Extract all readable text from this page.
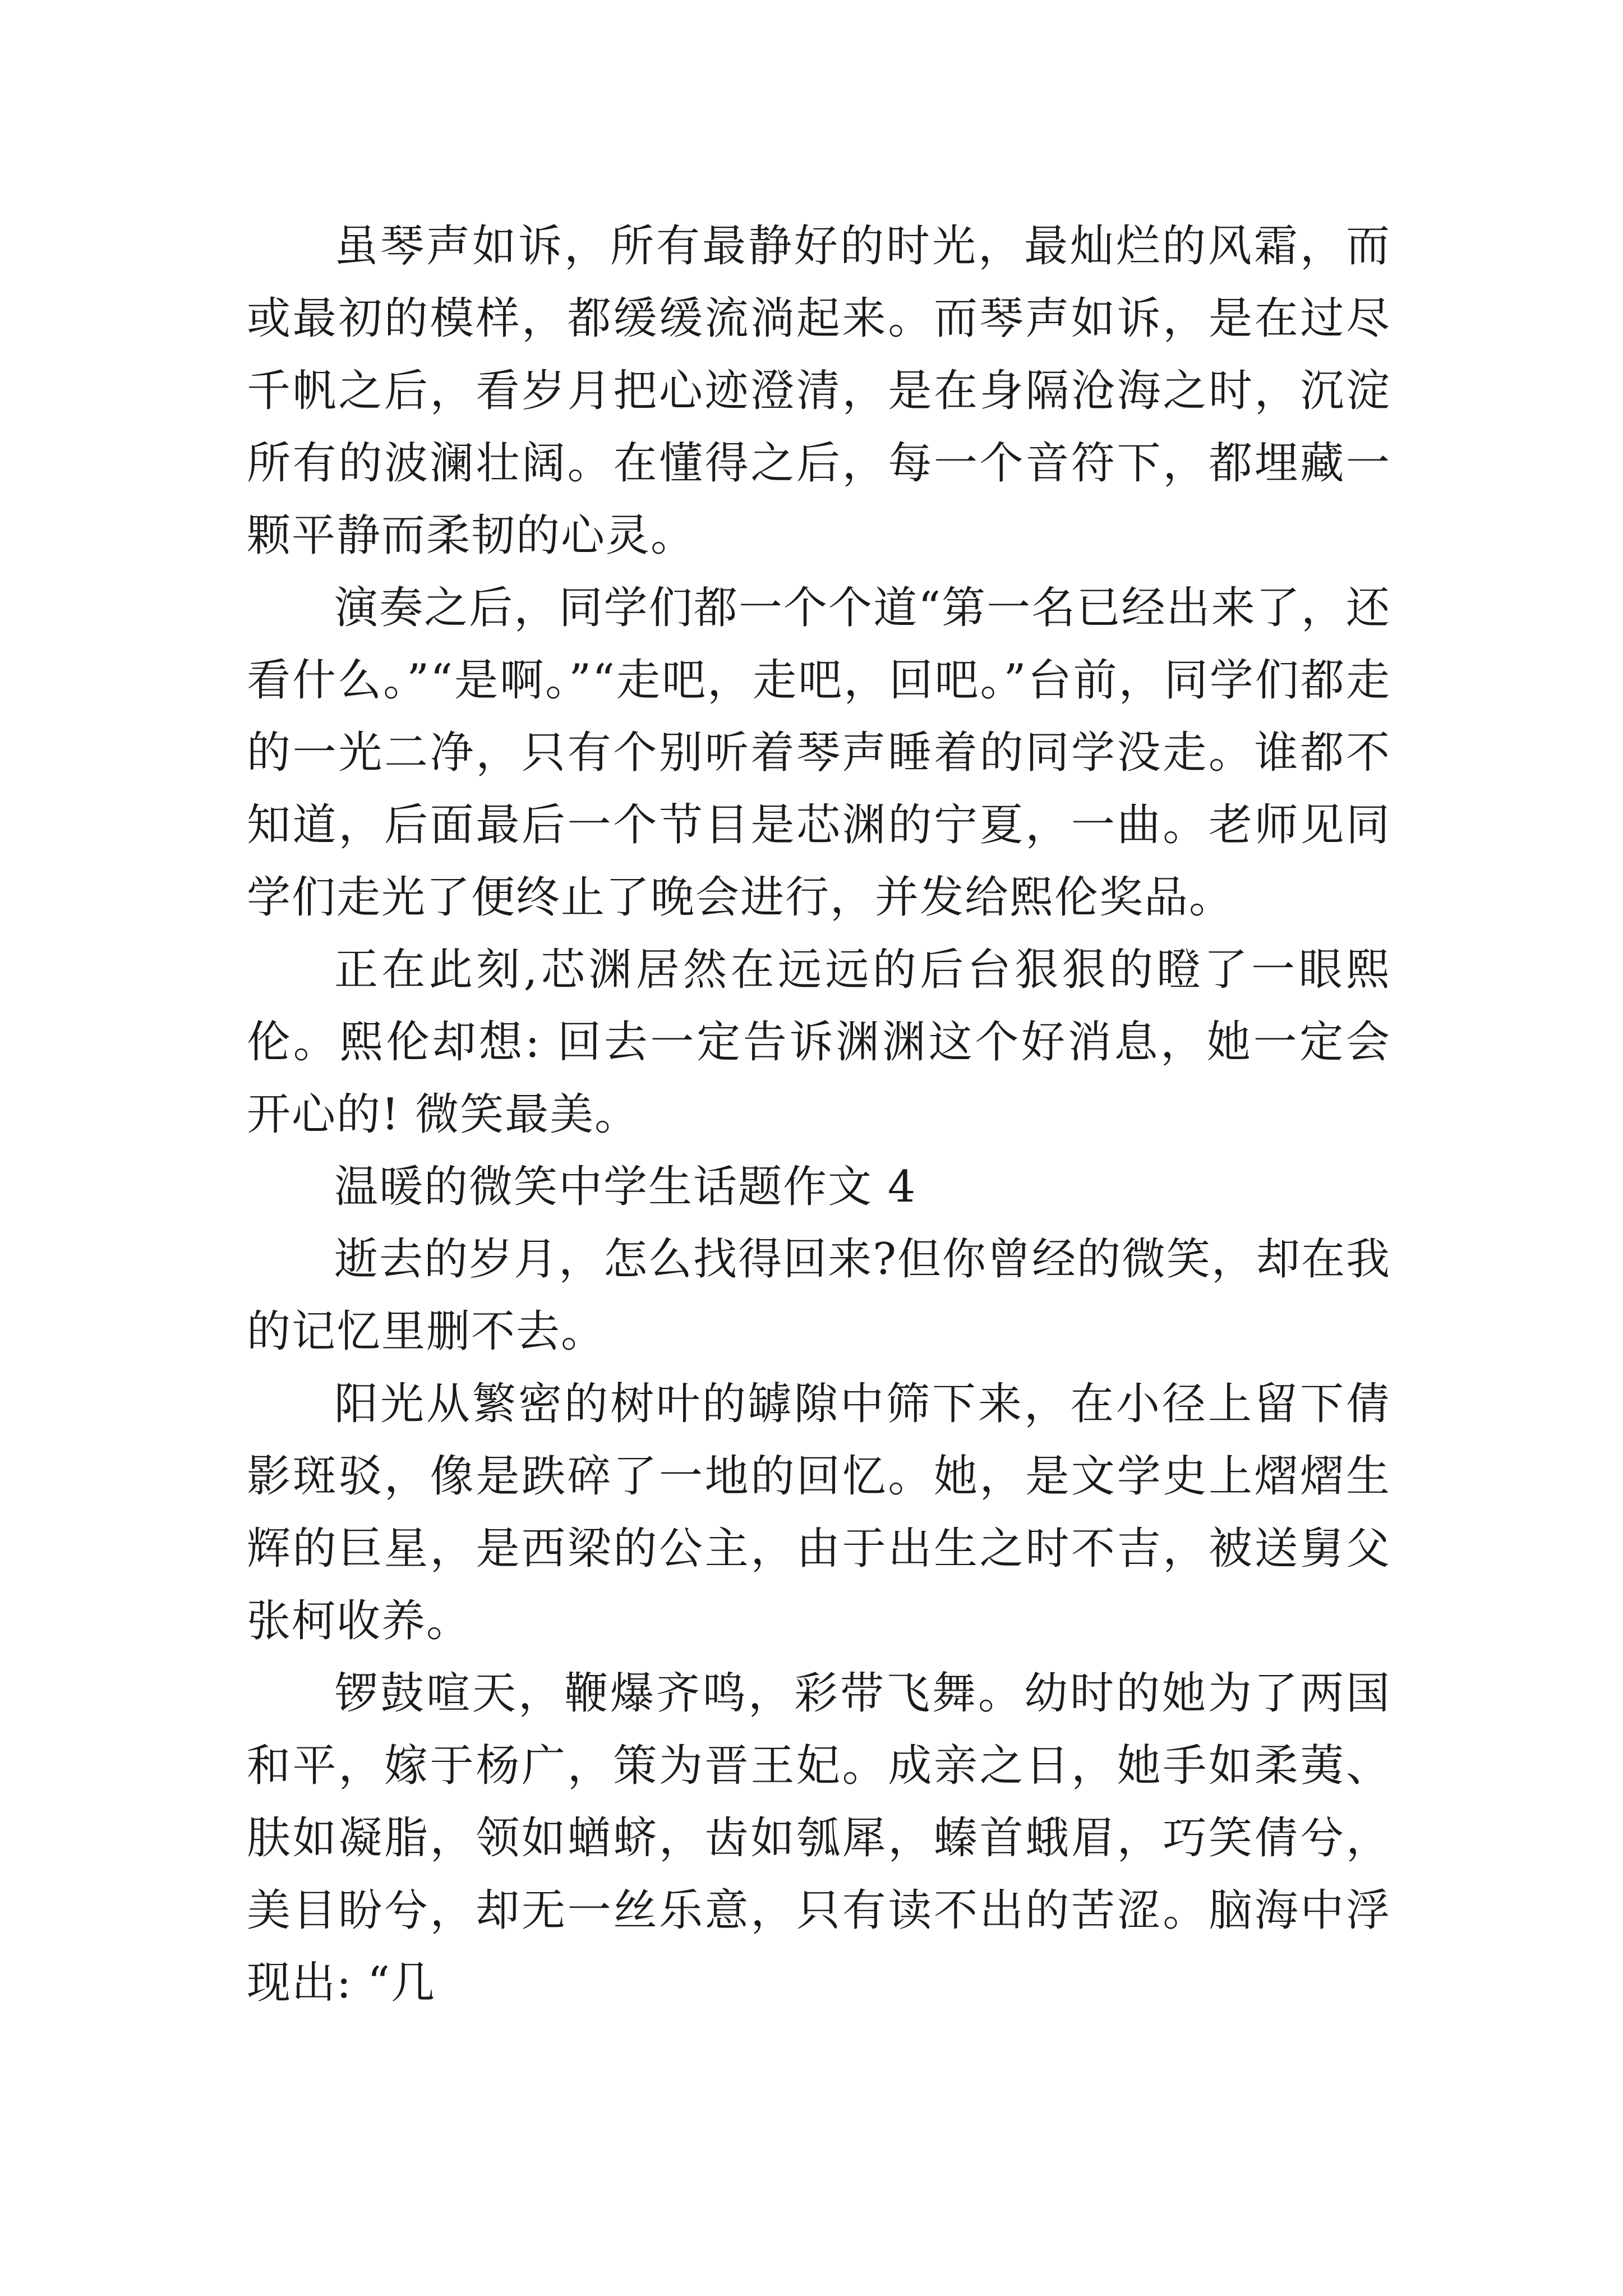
虽琴声如诉，所有最静好的时光，最灿烂的风霜，而或最初的模样，都缓缓流淌起来。而琴声如诉，是在过尽千帆之后，看岁月把心迹澄清，是在身隔沧海之时，沉淀所有的波澜壮阔。在懂得之后，每一个音符下，都埋藏一颗平静而柔韧的心灵。

演奏之后，同学们都一个个道“第一名已经出来了，还看什么。”“是啊。”“走吧，走吧，回吧。”台前，同学们都走的一光二净，只有个别听着琴声睡着的同学没走。谁都不知道，后面最后一个节目是芯渊的宁夏，一曲。老师见同学们走光了便终止了晚会进行，并发给熙伦奖品。

正在此刻,芯渊居然在远远的后台狠狠的瞪了一眼熙伦。熙伦却想: 回去一定告诉渊渊这个好消息，她一定会开心的! 微笑最美。

温暖的微笑中学生话题作文 4

逝去的岁月，怎么找得回来?但你曾经的微笑，却在我的记忆里删不去。

阳光从繁密的树叶的罅隙中筛下来，在小径上留下倩影斑驳，像是跌碎了一地的回忆。她，是文学史上熠熠生辉的巨星，是西梁的公主，由于出生之时不吉，被送舅父张柯收养。

锣鼓喧天，鞭爆齐鸣，彩带飞舞。幼时的她为了两国和平，嫁于杨广，策为晋王妃。成亲之日，她手如柔荑、肤如凝脂，领如蝤蛴，齿如瓠犀，螓首蛾眉，巧笑倩兮，美目盼兮，却无一丝乐意，只有读不出的苦涩。脑海中浮现出: “几
